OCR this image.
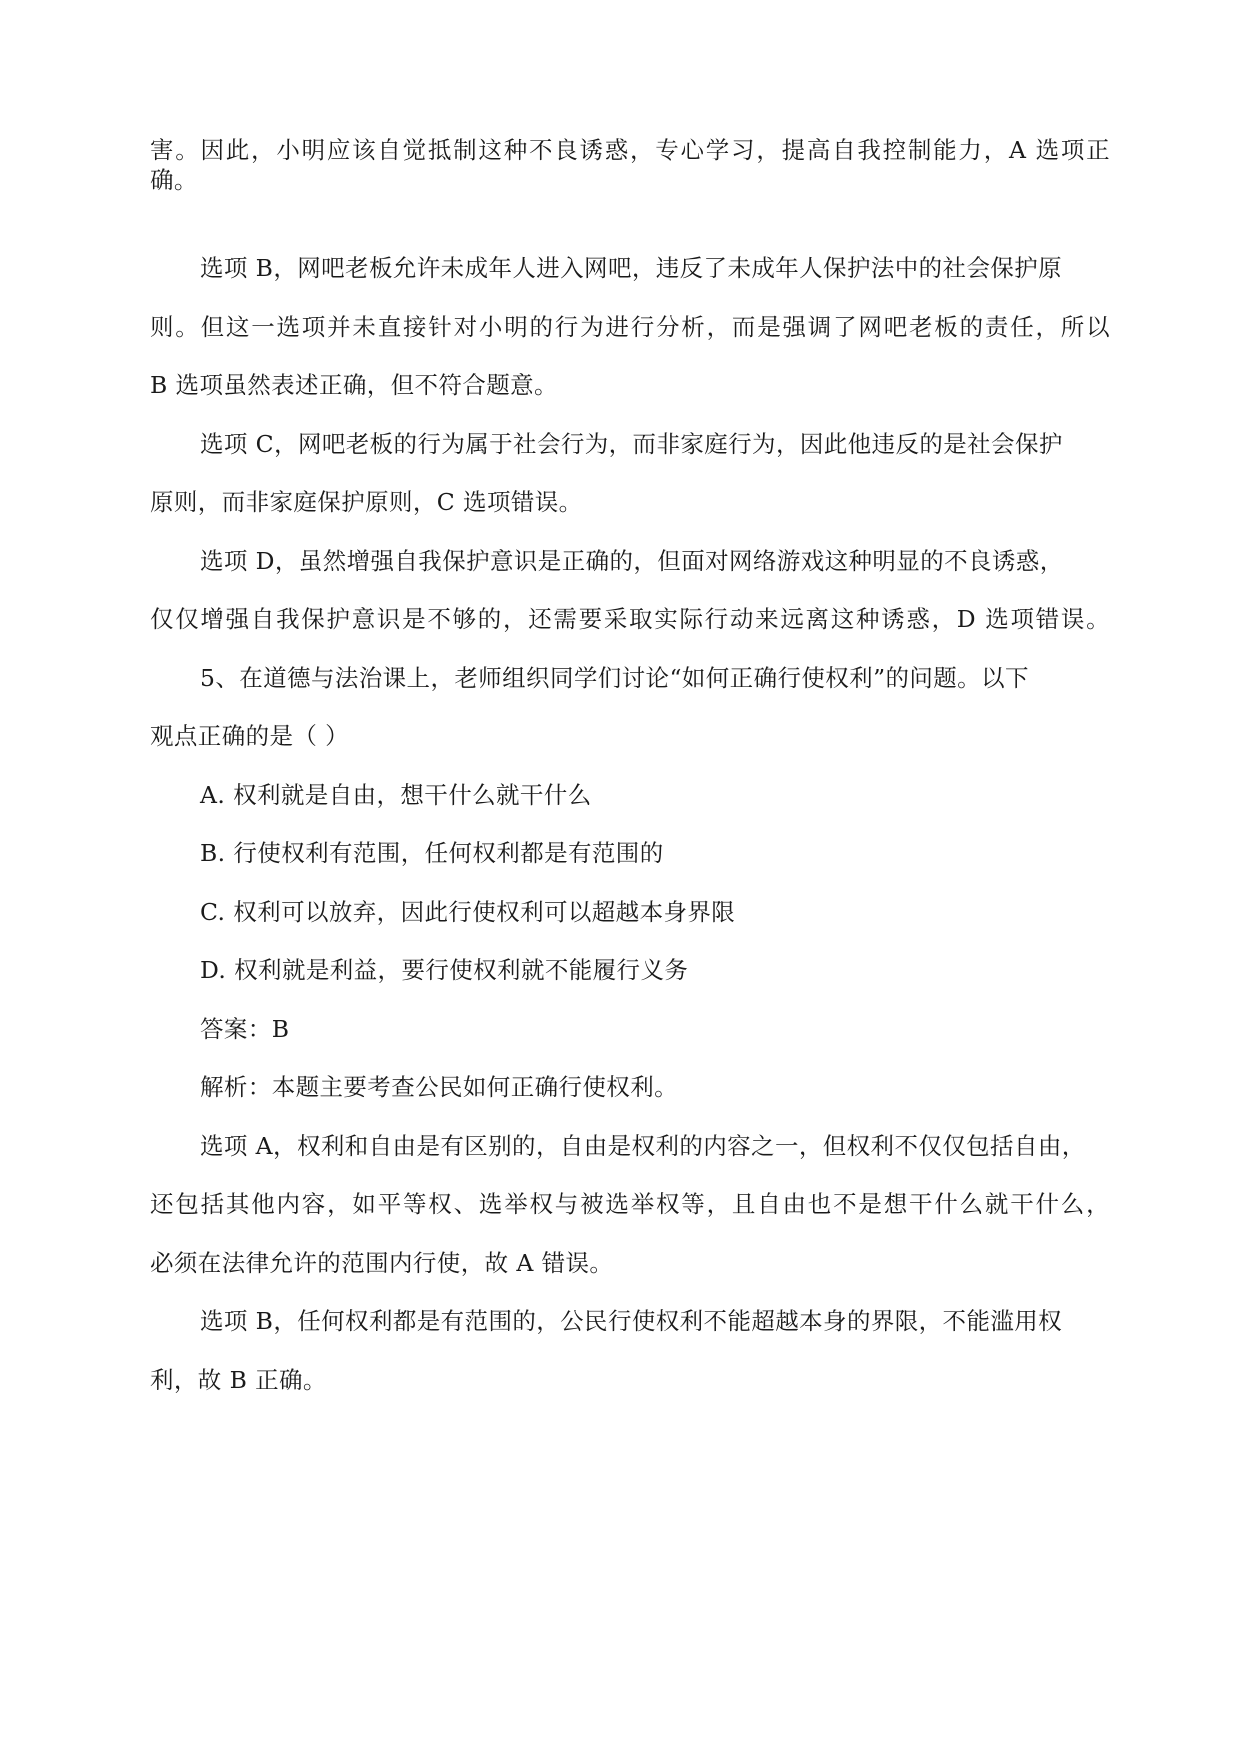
害。因此，小明应该自觉抵制这种不良诱惑，专心学习，提高自我控制能力，A 选项正
确。
选项 B，网吧老板允许未成年人进入网吧，违反了未成年人保护法中的社会保护原
则。但这一选项并未直接针对小明的行为进行分析，而是强调了网吧老板的责任，所以
B 选项虽然表述正确，但不符合题意。
选项 C，网吧老板的行为属于社会行为，而非家庭行为，因此他违反的是社会保护
原则，而非家庭保护原则，C 选项错误。
选项 D，虽然增强自我保护意识是正确的，但面对网络游戏这种明显的不良诱惑，
仅仅增强自我保护意识是不够的，还需要采取实际行动来远离这种诱惑，D 选项错误。
5、在道德与法治课上，老师组织同学们讨论“如何正确行使权利”的问题。以下
观点正确的是（ ）
A. 权利就是自由，想干什么就干什么
B. 行使权利有范围，任何权利都是有范围的
C. 权利可以放弃，因此行使权利可以超越本身界限
D. 权利就是利益，要行使权利就不能履行义务
答案：B
解析：本题主要考查公民如何正确行使权利。
选项 A，权利和自由是有区别的，自由是权利的内容之一，但权利不仅仅包括自由，
还包括其他内容，如平等权、选举权与被选举权等，且自由也不是想干什么就干什么，
必须在法律允许的范围内行使，故 A 错误。
选项 B，任何权利都是有范围的，公民行使权利不能超越本身的界限，不能滥用权
利，故 B 正确。
